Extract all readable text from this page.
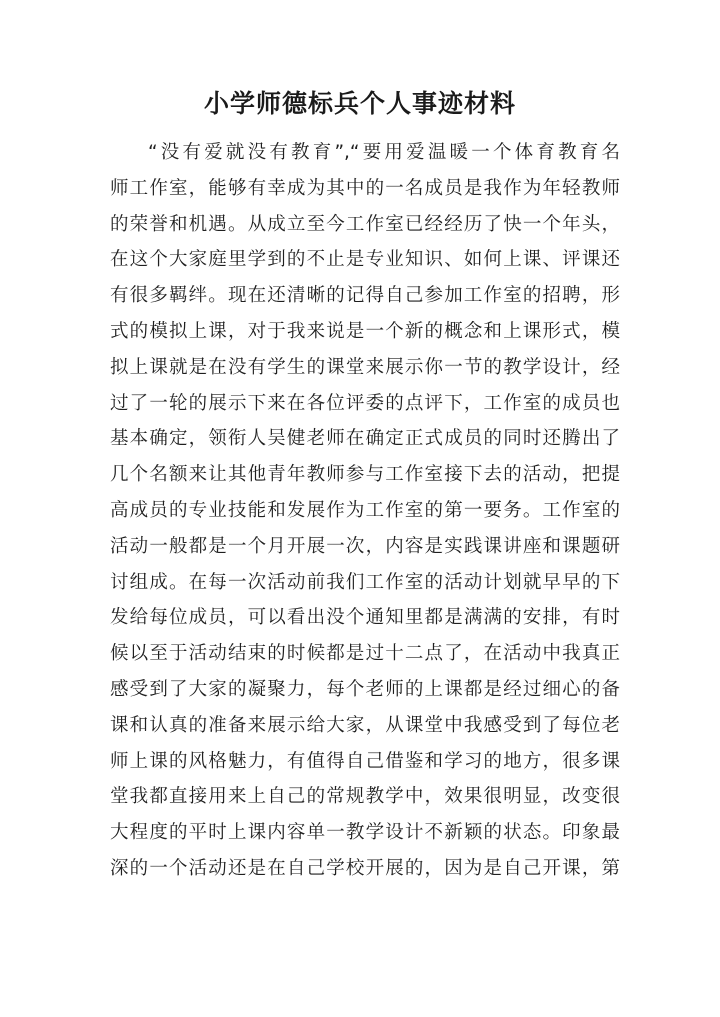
小学师德标兵个人事迹材料
“没有爱就没有教育”,“要用爱温暖一个体育教育名
师工作室，能够有幸成为其中的一名成员是我作为年轻教师
的荣誉和机遇。从成立至今工作室已经经历了快一个年头，
在这个大家庭里学到的不止是专业知识、如何上课、评课还
有很多羁绊。现在还清晰的记得自己参加工作室的招聘，形
式的模拟上课，对于我来说是一个新的概念和上课形式，模
拟上课就是在没有学生的课堂来展示你一节的教学设计，经
过了一轮的展示下来在各位评委的点评下，工作室的成员也
基本确定，领衔人吴健老师在确定正式成员的同时还腾出了
几个名额来让其他青年教师参与工作室接下去的活动，把提
高成员的专业技能和发展作为工作室的第一要务。工作室的
活动一般都是一个月开展一次，内容是实践课讲座和课题研
讨组成。在每一次活动前我们工作室的活动计划就早早的下
发给每位成员，可以看出没个通知里都是满满的安排，有时
候以至于活动结束的时候都是过十二点了，在活动中我真正
感受到了大家的凝聚力，每个老师的上课都是经过细心的备
课和认真的准备来展示给大家，从课堂中我感受到了每位老
师上课的风格魅力，有值得自己借鉴和学习的地方，很多课
堂我都直接用来上自己的常规教学中，效果很明显，改变很
大程度的平时上课内容单一教学设计不新颖的状态。印象最
深的一个活动还是在自己学校开展的，因为是自己开课，第
